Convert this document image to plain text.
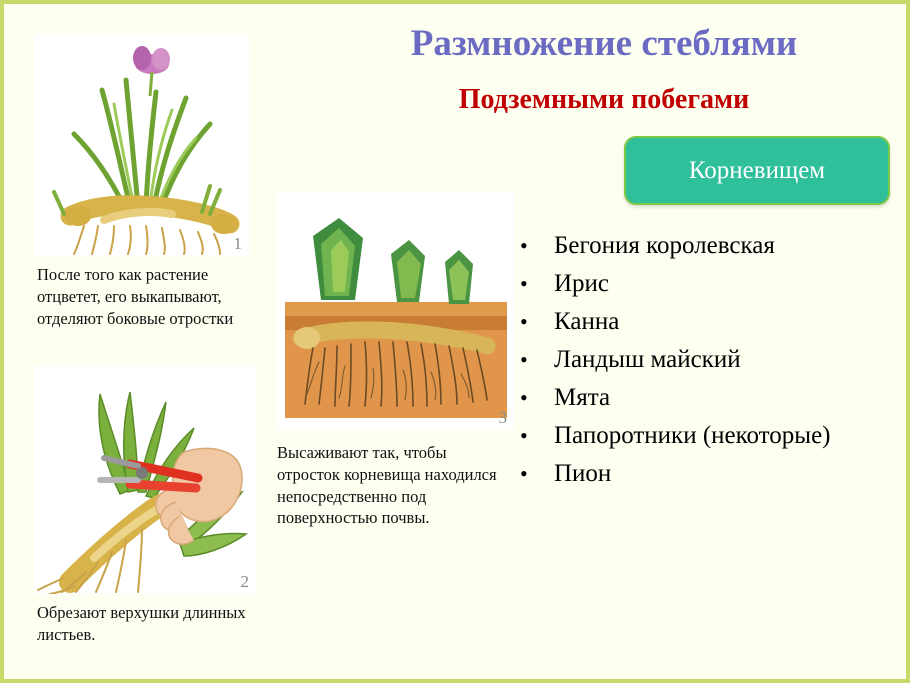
Размножение стеблями
Подземными побегами
Корневищем
1
После того как растение отцветет, его выкапывают, отделяют боковые отростки
2
Обрезают верхушки длинных листьев.
3
Высаживают так, чтобы отросток корневища находился непосредственно под поверхностью почвы.
•	Бегония королевская
•	Ирис
•	Канна
•	Ландыш майский
•	Мята
•	Папоротники (некоторые)
•	Пион
